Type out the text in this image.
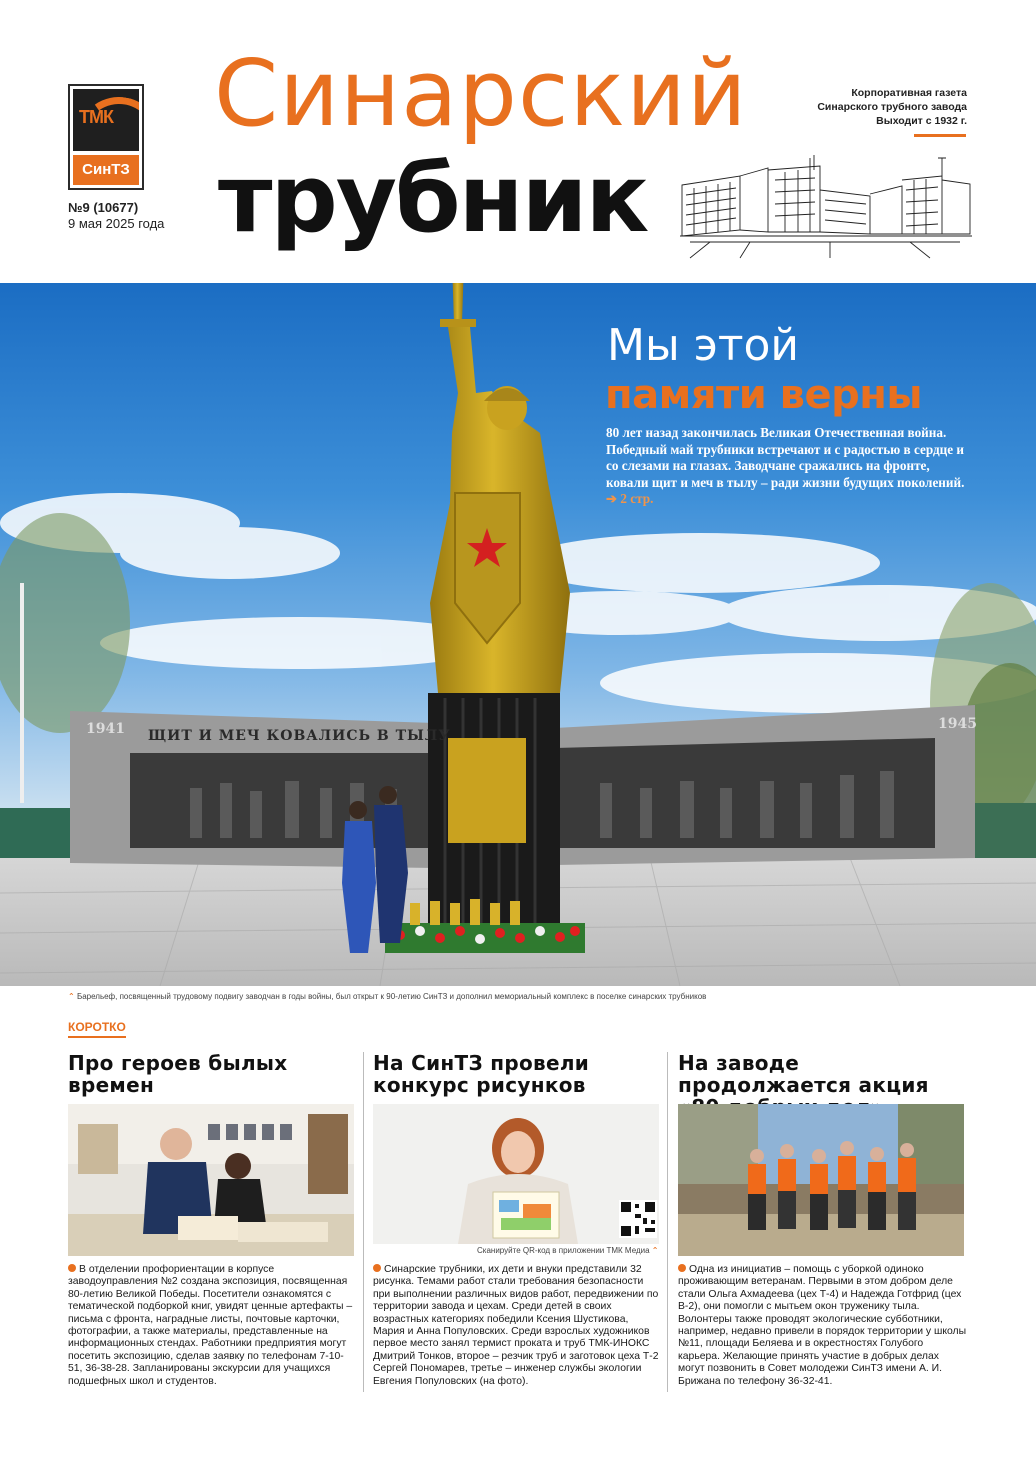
ТМК
СинТЗ
№9 (10677)
9 мая 2025 года
Синарский
трубник
Корпоративная газета
Синарского трубного завода
Выходит с 1932 г.
1941 ЩИТ И МЕЧ КОВАЛИСЬ В ТЫЛУ
1945
Мы этой
памяти верны
80 лет назад закончилась Великая Отечественная война. Победный май трубники встречают и с радостью в сердце и со слезами на глазах. Заводчане сражались на фронте, ковали щит и меч в тылу – ради жизни будущих поколений. ➔ 2 стр.
⌃ Барельеф, посвященный трудовому подвигу заводчан в годы войны, был открыт к 90-летию СинТЗ и дополнил мемориальный комплекс в поселке синарских трубников
КОРОТКО
Про героев былых времен
В отделении профориентации в корпусе заводоуправления №2 создана экспозиция, посвященная 80-летию Великой Победы. Посетители ознакомятся с тематической подборкой книг, увидят ценные артефакты – письма с фронта, наградные листы, почтовые карточки, фотографии, а также материалы, представленные на информационных стендах. Работники предприятия могут посетить экспозицию, сделав заявку по телефонам 7-10-51, 36-38-28. Запланированы экскурсии для учащихся подшефных школ и студентов.
На СинТЗ провели конкурс рисунков
Сканируйте QR-код в приложении ТМК Медиа ⌃
Синарские трубники, их дети и внуки представили 32 рисунка. Темами работ стали требования безопасности при выполнении различных видов работ, передвижении по территории завода и цехам. Среди детей в своих возрастных категориях победили Ксения Шустикова, Мария и Анна Популовских. Среди взрослых художников первое место занял термист проката и труб ТМК-ИНОКС Дмитрий Тонков, второе – резчик труб и заготовок цеха Т-2 Сергей Пономарев, третье – инженер службы экологии Евгения Популовских (на фото).
На заводе продолжается акция
Одна из инициатив – помощь с уборкой одиноко проживающим ветеранам. Первыми в этом добром деле стали Ольга Ахмадеева (цех Т-4) и Надежда Готфрид (цех В-2), они помогли с мытьем окон труженику тыла. Волонтеры также проводят экологические субботники, например, недавно привели в порядок территории у школы №11, площади Беляева и в окрестностях Голубого карьера. Желающие принять участие в добрых делах могут позвонить в Совет молодежи СинТЗ имени А. И. Брижана по телефону 36-32-41.
